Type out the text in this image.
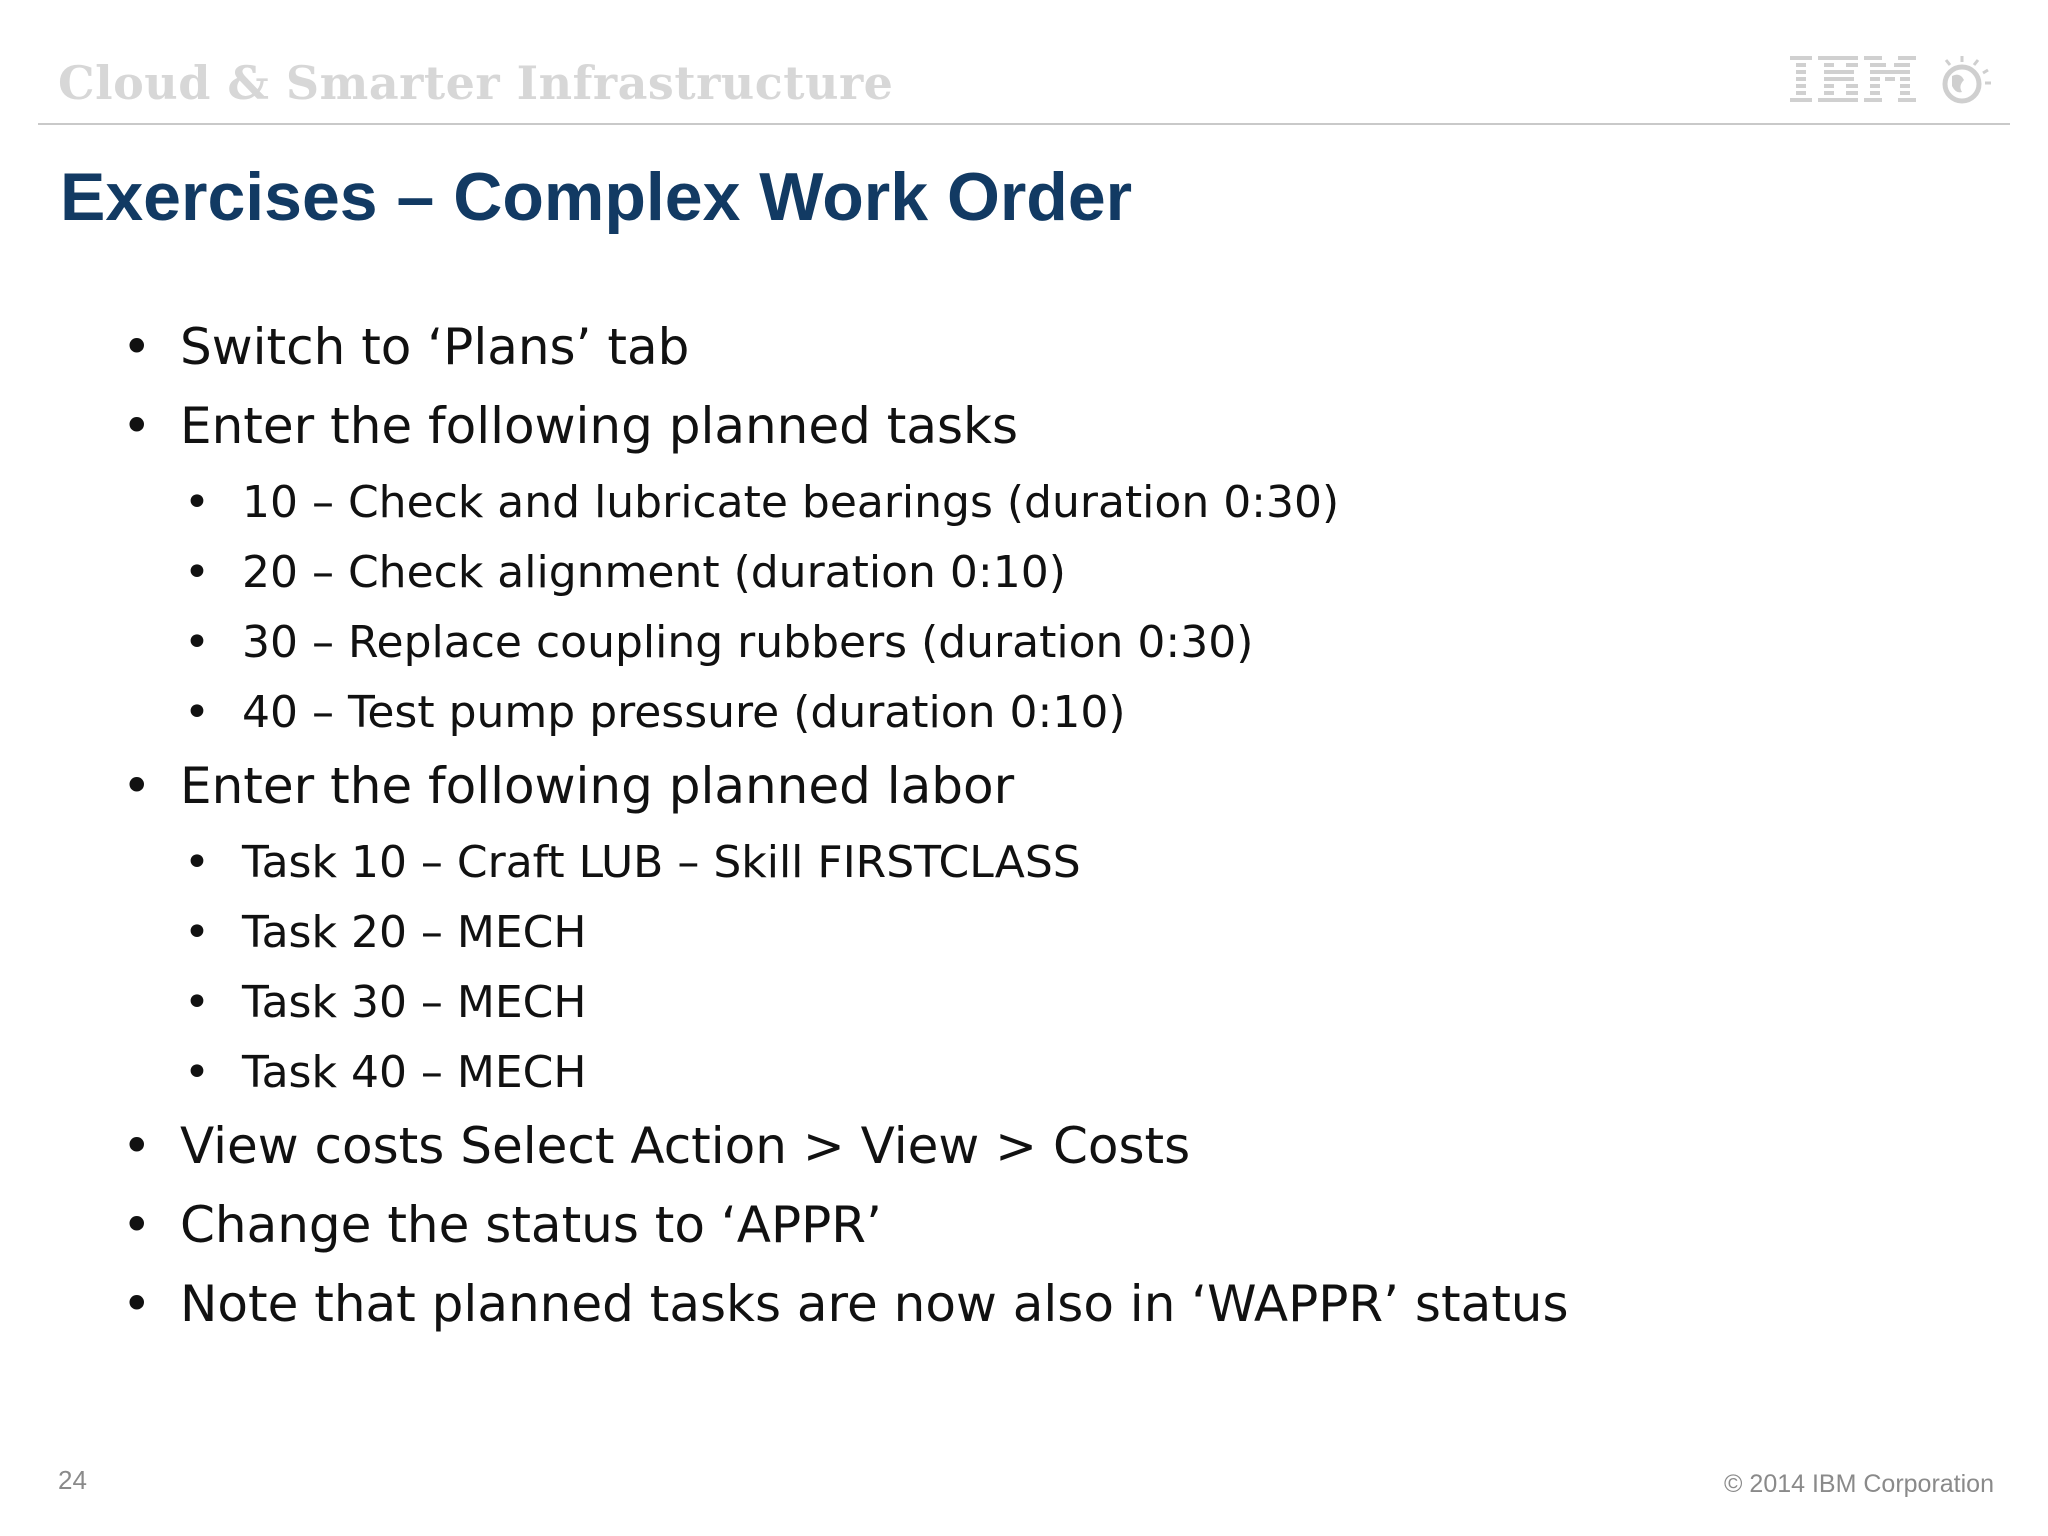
Cloud & Smarter Infrastructure
Exercises – Complex Work Order
• Switch to ‘Plans’ tab
• Enter the following planned tasks
• 10 – Check and lubricate bearings (duration 0:30)
• 20 – Check alignment (duration 0:10)
• 30 – Replace coupling rubbers (duration 0:30)
• 40 – Test pump pressure (duration 0:10)
• Enter the following planned labor
• Task 10 – Craft LUB – Skill FIRSTCLASS
• Task 20 – MECH
• Task 30 – MECH
• Task 40 – MECH
• View costs Select Action > View > Costs
• Change the status to ‘APPR’
• Note that planned tasks are now also in ‘WAPPR’ status
24	© 2014 IBM Corporation
